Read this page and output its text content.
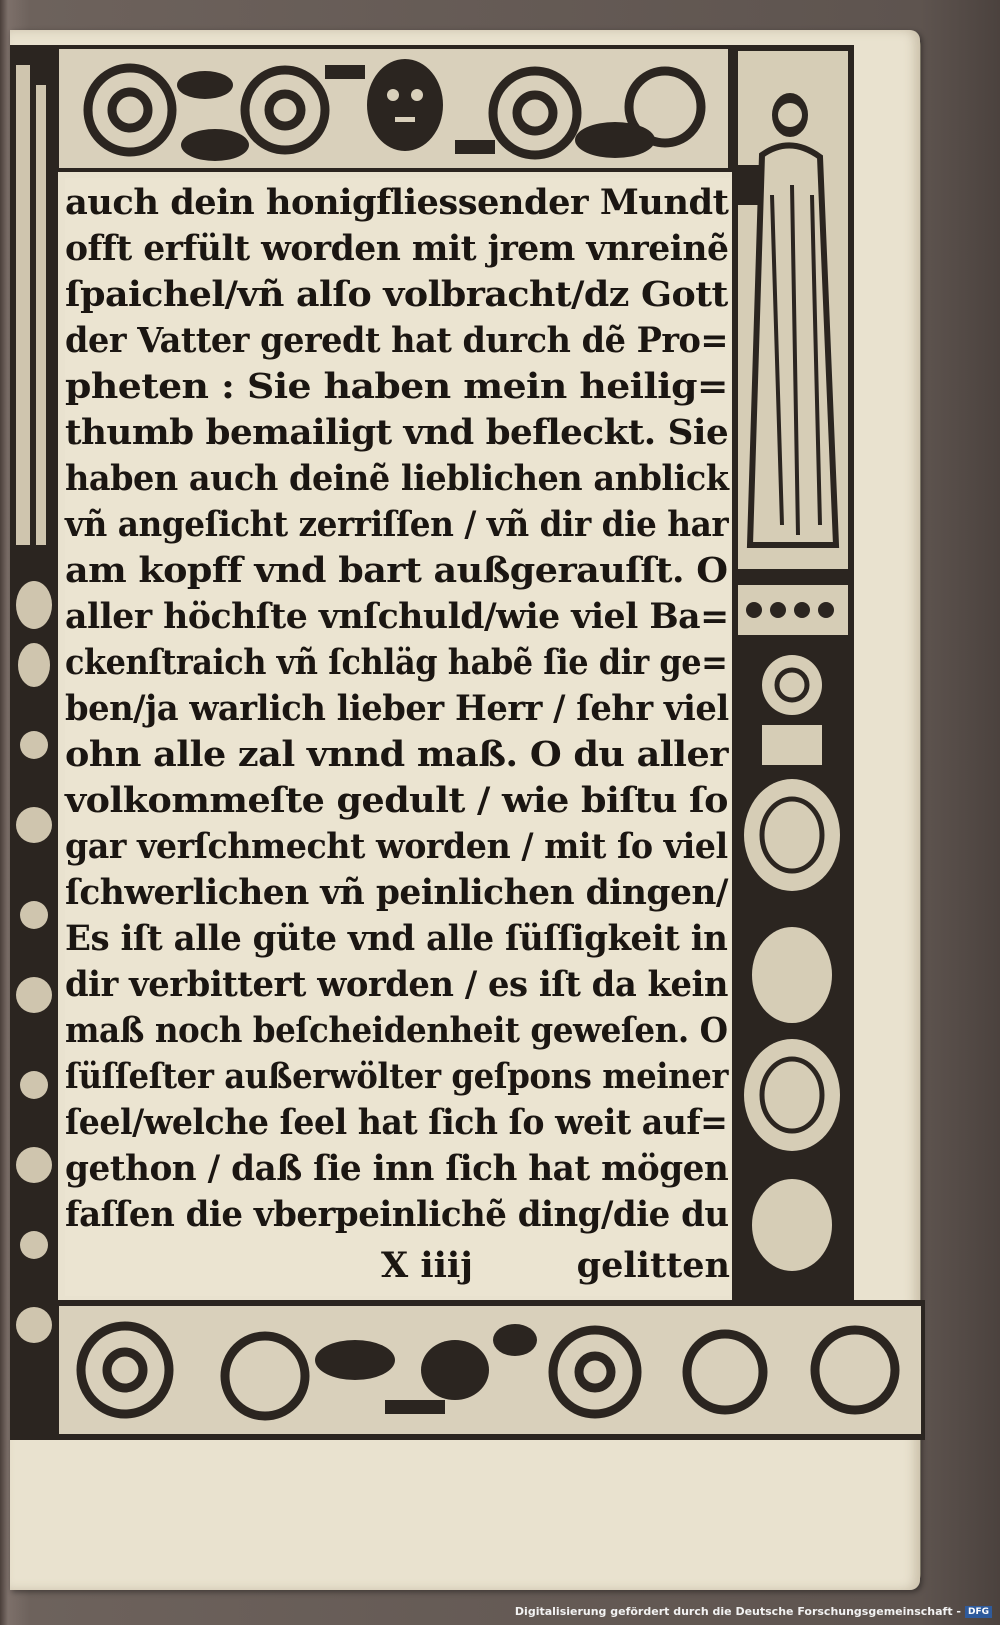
auch dein honigfliessender Mundt
offt erfült worden mit jrem vnreinẽ
ſpaichel/vñ alſo volbracht/dz Gott
der Vatter geredt hat durch dẽ Pro=
pheten : Sie haben mein heilig=
thumb bemailigt vnd befleckt. Sie
haben auch deinẽ lieblichen anblick
vñ angeſicht zerriſſen / vñ dir die har
am kopff vnd bart außgerauſſt. O
aller höchſte vnſchuld/wie viel Ba=
ckenſtraich vñ ſchläg habẽ ſie dir ge=
ben/ja warlich lieber Herr / ſehr viel
ohn alle zal vnnd maß. O du aller
volkommeſte gedult / wie biſtu ſo
gar verſchmecht worden / mit ſo viel
ſchwerlichen vñ peinlichen dingen/
Es iſt alle güte vnd alle ſüſſigkeit in
dir verbittert worden / es iſt da kein
maß noch beſcheidenheit geweſen. O
ſüſſeſter außerwölter geſpons meiner
ſeel/welche ſeel hat ſich ſo weit auf=
gethon / daß ſie inn ſich hat mögen
faſſen die vberpeinlichẽ ding/die du
X iiij	gelitten
Digitalisierung gefördert durch die Deutsche Forschungsgemeinschaft - DFG
